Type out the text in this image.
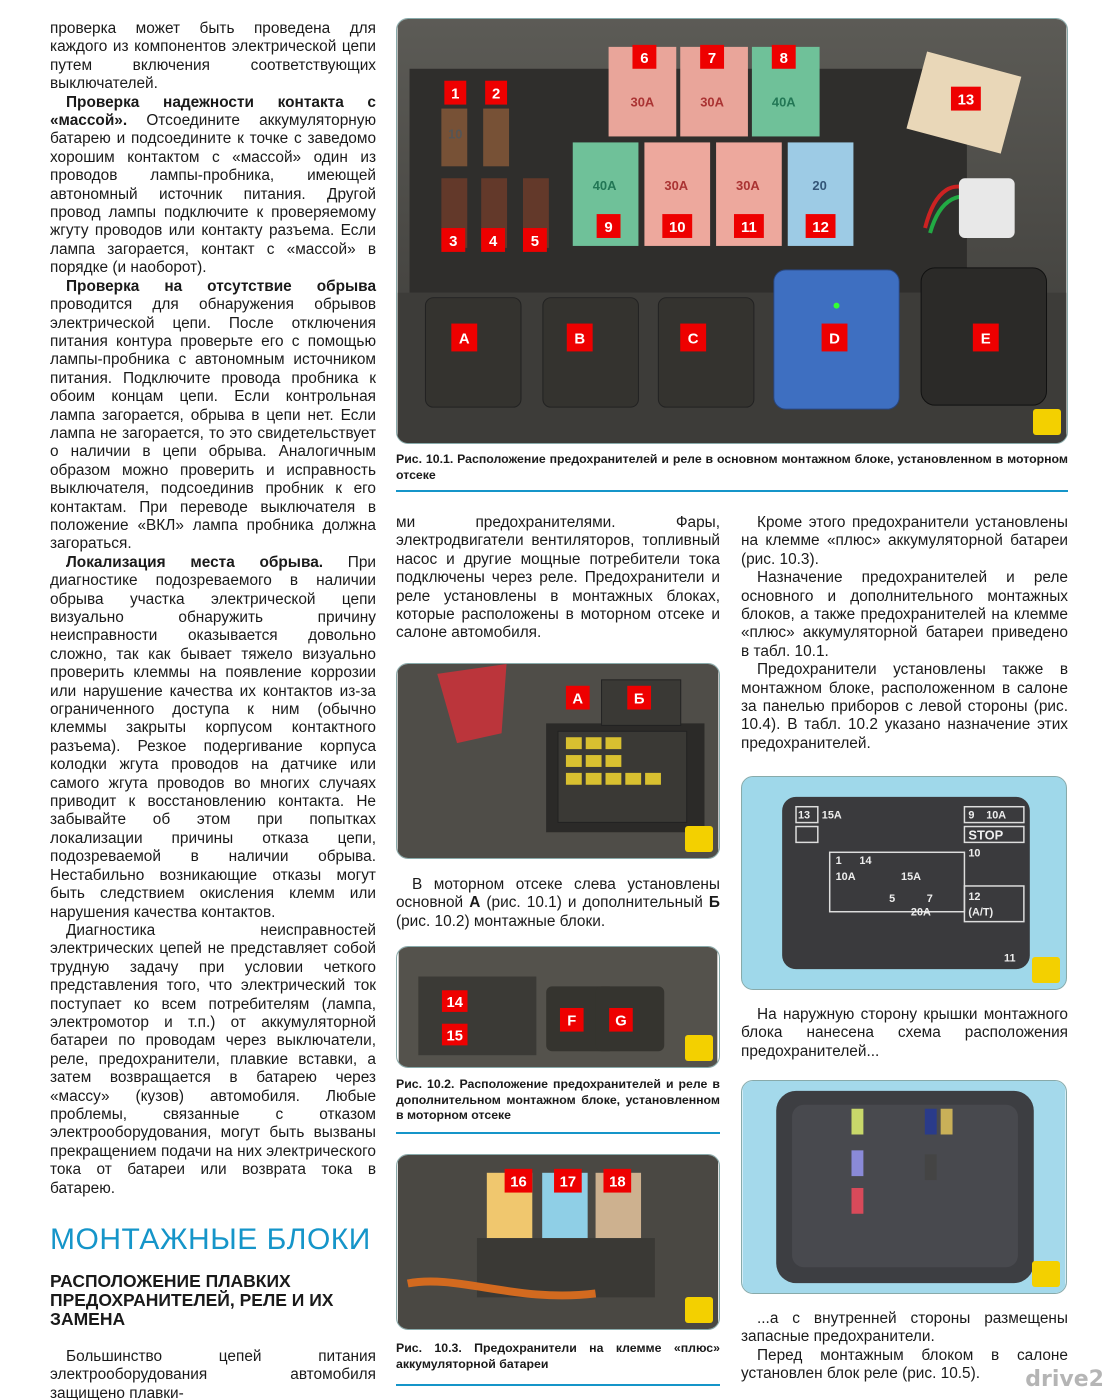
проверка может быть проведена для каждого из компонентов электрической цепи путем включения соответствующих выключателей.

Проверка надежности контакта с «массой». Отсоедините аккумуляторную батарею и подсоедините к точке с заведомо хорошим контактом с «массой» один из проводов лампы-пробника, имеющей автономный источник питания. Другой провод лампы подключите к проверяемому жгуту проводов или контакту разъема. Если лампа загорается, контакт с «массой» в порядке (и наоборот).

Проверка на отсутствие обрыва проводится для обнаружения обрывов электрической цепи. После отключения питания контура проверьте его с помощью лампы-пробника с автономным источником питания. Подключите провода пробника к обоим концам цепи. Если контрольная лампа загорается, обрыва в цепи нет. Если лампа не загорается, то это свидетельствует о наличии в цепи обрыва. Аналогичным образом можно проверить и исправность выключателя, подсоединив пробник к его контактам. При переводе выключателя в положение «ВКЛ» лампа пробника должна загораться.

Локализация места обрыва. При диагностике подозреваемого в наличии обрыва участка электрической цепи визуально обнаружить причину неисправности оказывается довольно сложно, так как бывает тяжело визуально проверить клеммы на появление коррозии или нарушение качества их контактов из-за ограниченного доступа к ним (обычно клеммы закрыты корпусом контактного разъема). Резкое подергивание корпуса колодки жгута проводов на датчике или самого жгута проводов во многих случаях приводит к восстановлению контакта. Не забывайте об этом при попытках локализации причины отказа цепи, подозреваемой в наличии обрыва. Нестабильно возникающие отказы могут быть следствием окисления клемм или нарушения качества контактов.

Диагностика неисправностей электрических цепей не представляет собой трудную задачу при условии четкого представления того, что электрический ток поступает ко всем потребителям (лампа, электромотор и т.п.) от аккумуляторной батареи по проводам через выключатели, реле, предохранители, плавкие вставки, а затем возвращается в батарею через «массу» (кузов) автомобиля. Любые проблемы, связанные с отказом электрооборудования, могут быть вызваны прекращением подачи на них электрического тока от батареи или возврата тока в батарею.

МОНТАЖНЫЕ БЛОКИ
РАСПОЛОЖЕНИЕ ПЛАВКИХ ПРЕДОХРАНИТЕЛЕЙ, РЕЛЕ И ИХ ЗАМЕНА

Большинство цепей питания электрооборудования автомобиля защищено плавки-

1 2
3 4 5
6	7	8
9	10	11	12
13
10
30A	30A	40A
40A	30A	30A	20
A	B	C	D	E
Рис. 10.1. Расположение предохранителей и реле в основном монтажном блоке, установленном в моторном отсеке

ми предохранителями. Фары, электродвигатели вентиляторов, топливный насос и другие мощные потребители тока подключены через реле. Предохранители и реле установлены в монтажных блоках, которые расположены в моторном отсеке и салоне автомобиля.

A	Б

В моторном отсеке слева установлены основной А (рис. 10.1) и дополнительный Б (рис. 10.2) монтажные блоки.

14
15
F	G
Рис. 10.2. Расположение предохранителей и реле в дополнительном монтажном блоке, установленном в моторном отсеке
16 17 18
Рис. 10.3. Предохранители на клемме «плюс» аккумуляторной батареи

Кроме этого предохранители установлены на клемме «плюс» аккумуляторной батареи (рис. 10.3).

Назначение предохранителей и реле основного и дополнительного монтажных блоков, а также предохранителей на клемме «плюс» аккумуляторной батареи приведено в табл. 10.1.

Предохранители установлены также в монтажном блоке, расположенном в салоне за панелью приборов с левой стороны (рис. 10.4). В табл. 10.2 указано назначение этих предохранителей.

13 15A	9 10A
STOP
10
1 14
10A	15A
5	7	12
(A/T)
20A
11

На наружную сторону крышки монтажного блока нанесена схема расположения предохранителей...

...а с внутренней стороны размещены запасные предохранители.

Перед монтажным блоком в салоне установлен блок реле (рис. 10.5).	drive2
